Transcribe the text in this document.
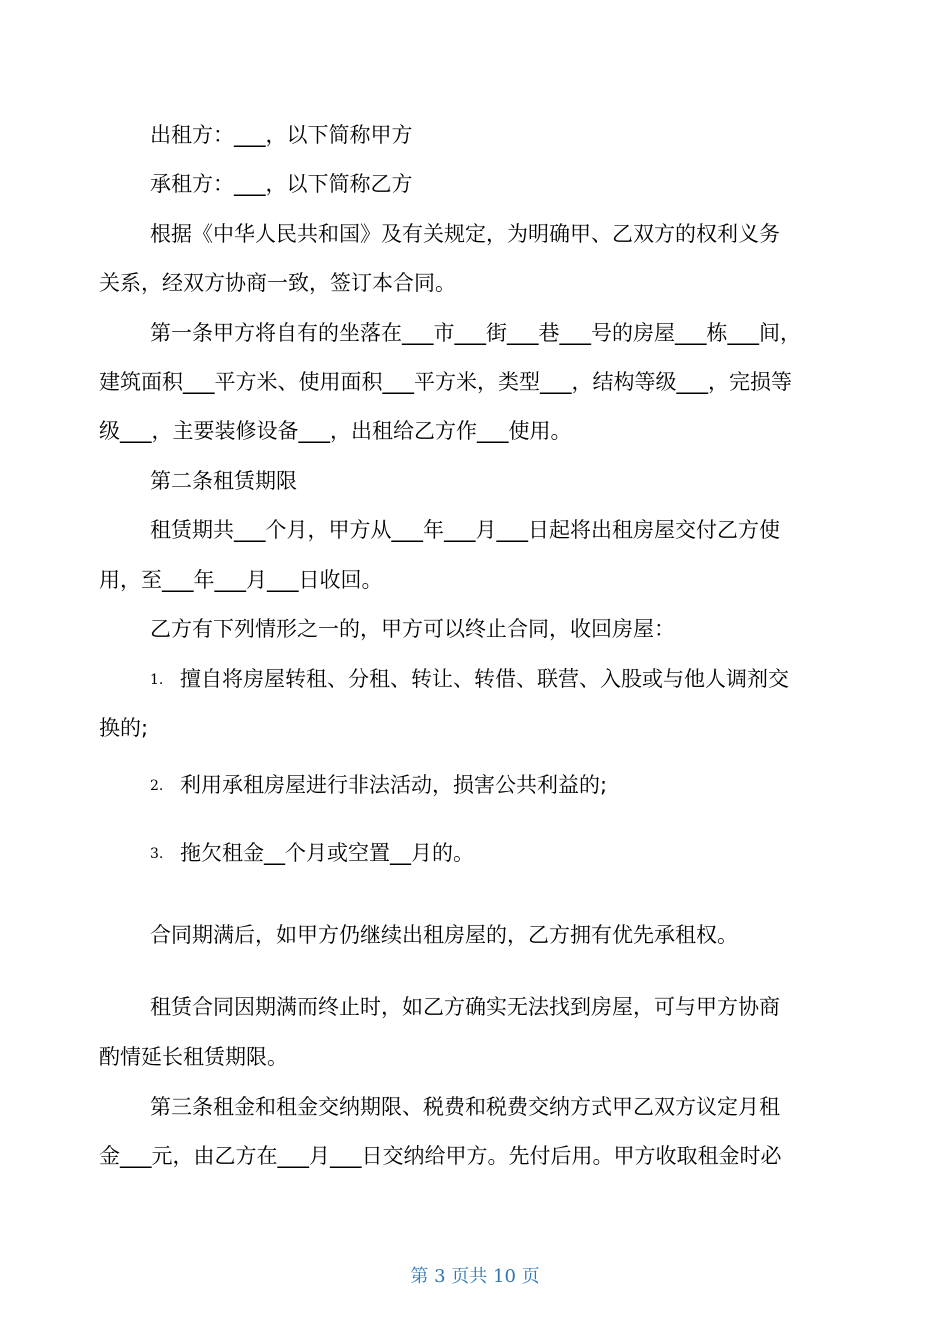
出租方：___，以下简称甲方
承租方：___，以下简称乙方
根据《中华人民共和国》及有关规定，为明确甲、乙双方的权利义务
关系，经双方协商一致，签订本合同。
第一条甲方将自有的坐落在___市___街___巷___号的房屋___栋___间，
建筑面积___平方米、使用面积___平方米，类型___，结构等级___，完损等
级___，主要装修设备___，出租给乙方作___使用。
第二条租赁期限
租赁期共___个月，甲方从___年___月___日起将出租房屋交付乙方使
用，至___年___月___日收回。
乙方有下列情形之一的，甲方可以终止合同，收回房屋：
1. 擅自将房屋转租、分租、转让、转借、联营、入股或与他人调剂交
换的;
2. 利用承租房屋进行非法活动，损害公共利益的;
3. 拖欠租金__个月或空置__月的。
合同期满后，如甲方仍继续出租房屋的，乙方拥有优先承租权。
租赁合同因期满而终止时，如乙方确实无法找到房屋，可与甲方协商
酌情延长租赁期限。
第三条租金和租金交纳期限、税费和税费交纳方式甲乙双方议定月租
金___元，由乙方在___月___日交纳给甲方。先付后用。甲方收取租金时必
第 3 页共 10 页
